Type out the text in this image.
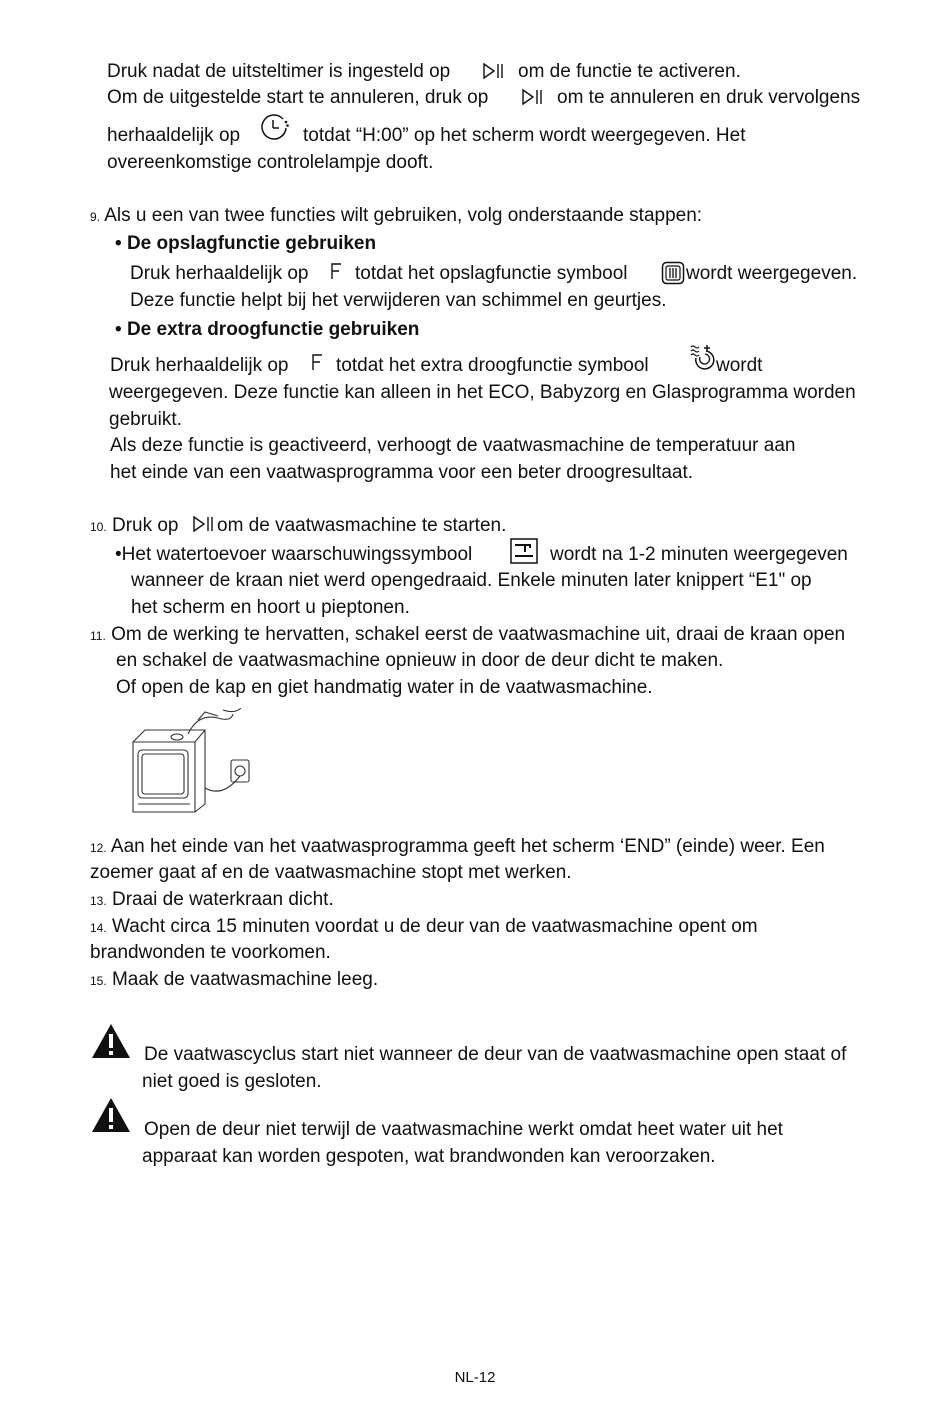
Druk nadat de uitsteltimer is ingesteld op	om de functie te activeren.
Om de uitgestelde start te annuleren, druk op	om te annuleren en druk vervolgens
herhaaldelijk op	totdat “H:00” op het scherm wordt weergegeven. Het
overeenkomstige controlelampje dooft.
9. Als u een van twee functies wilt gebruiken, volg onderstaande stappen:
• De opslagfunctie gebruiken
Druk herhaaldelijk op totdat het opslagfunctie symbool	wordt weergegeven.
Deze functie helpt bij het verwijderen van schimmel en geurtjes.
• De extra droogfunctie gebruiken
Druk herhaaldelijk op	totdat het extra droogfunctie symbool	wordt
weergegeven. Deze functie kan alleen in het ECO, Babyzorg en Glasprogramma worden
gebruikt.
Als deze functie is geactiveerd, verhoogt de vaatwasmachine de temperatuur aan
het einde van een vaatwasprogramma voor een beter droogresultaat.
10. Druk op om de vaatwasmachine te starten.
•Het watertoevoer waarschuwingssymbool	wordt na 1-2 minuten weergegeven
wanneer de kraan niet werd opengedraaid. Enkele minuten later knippert “E1" op
het scherm en hoort u pieptonen.
11. Om de werking te hervatten, schakel eerst de vaatwasmachine uit, draai de kraan open
en schakel de vaatwasmachine opnieuw in door de deur dicht te maken.
Of open de kap en giet handmatig water in de vaatwasmachine.
12. Aan het einde van het vaatwasprogramma geeft het scherm ‘END” (einde) weer. Een
zoemer gaat af en de vaatwasmachine stopt met werken.
13. Draai de waterkraan dicht.
14. Wacht circa 15 minuten voordat u de deur van de vaatwasmachine opent om
brandwonden te voorkomen.
15. Maak de vaatwasmachine leeg.
De vaatwascyclus start niet wanneer de deur van de vaatwasmachine open staat of
niet goed is gesloten.
Open de deur niet terwijl de vaatwasmachine werkt omdat heet water uit het
apparaat kan worden gespoten, wat brandwonden kan veroorzaken.
NL-12
